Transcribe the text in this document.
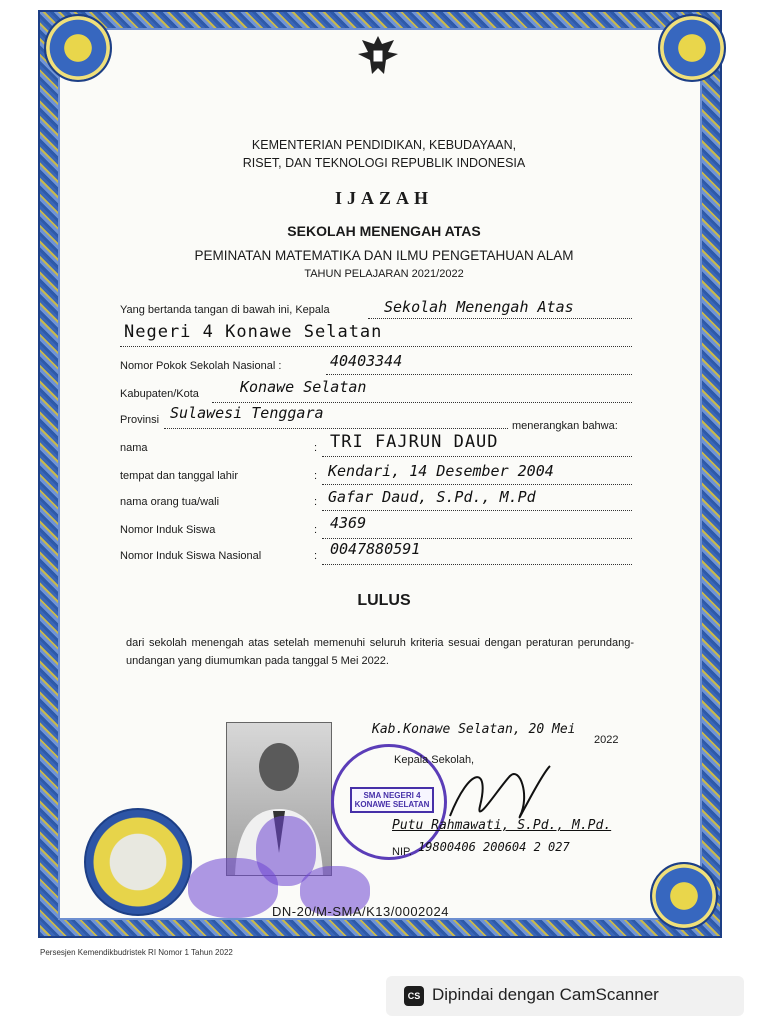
KEMENTERIAN PENDIDIKAN, KEBUDAYAAN,
RISET, DAN TEKNOLOGI REPUBLIK INDONESIA
IJAZAH
SEKOLAH MENENGAH ATAS
PEMINATAN MATEMATIKA DAN ILMU PENGETAHUAN ALAM
TAHUN PELAJARAN 2021/2022
Yang bertanda tangan di bawah ini, Kepala	Sekolah Menengah Atas
Negeri 4 Konawe Selatan
Nomor Pokok Sekolah Nasional :	40403344
Kabupaten/Kota	Konawe Selatan
Provinsi Sulawesi Tenggara
menerangkan bahwa:
nama	: TRI FAJRUN DAUD
tempat dan tanggal lahir	: Kendari, 14 Desember 2004
nama orang tua/wali	: Gafar Daud, S.Pd., M.Pd
Nomor Induk Siswa	: 4369
Nomor Induk Siswa Nasional	: 0047880591
LULUS
dari sekolah menengah atas setelah memenuhi seluruh kriteria sesuai dengan peraturan perundang-undangan yang diumumkan pada tanggal 5 Mei 2022.
SMA NEGERI 4 KONAWE SELATAN
Kab.Konawe Selatan, 20 Mei
2022
Kepala Sekolah,
Putu Rahmawati, S.Pd., M.Pd.
NIP. 19800406 200604 2 027
DN-20/M-SMA/K13/0002024
Persesjen Kemendikbudristek RI Nomor 1 Tahun 2022
CS Dipindai dengan CamScanner
